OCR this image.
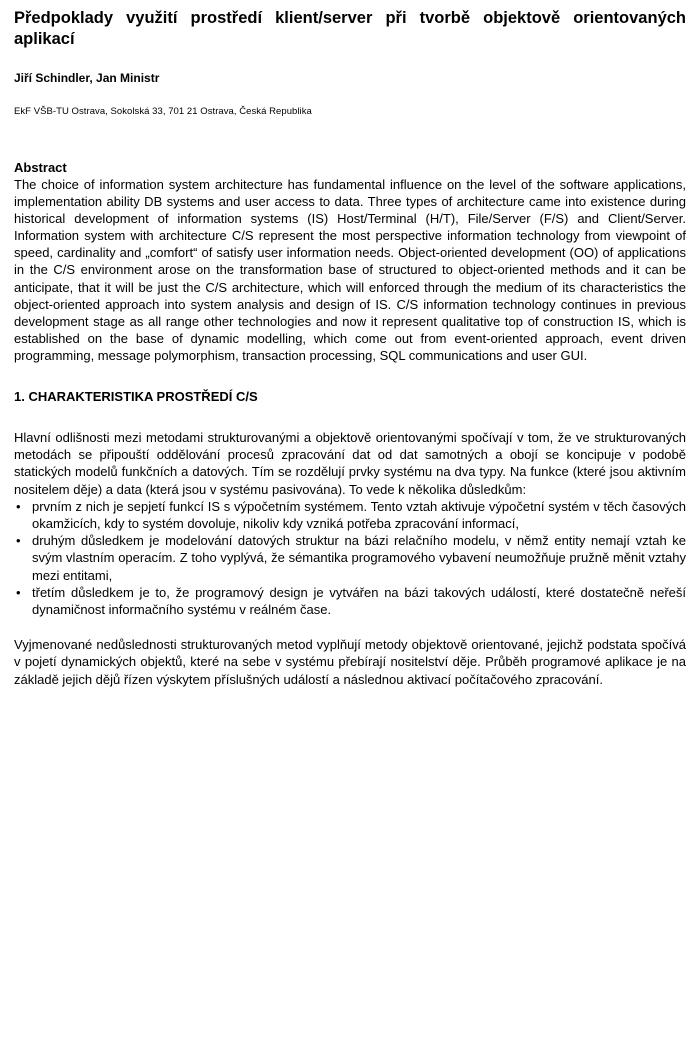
Předpoklady využití prostředí klient/server při tvorbě objektově orientovaných aplikací
Jiří Schindler, Jan Ministr
EkF VŠB-TU Ostrava, Sokolská 33, 701 21 Ostrava, Česká Republika
Abstract

The choice of information system architecture has fundamental influence on the level of the software applications, implementation ability DB systems and user access to data. Three types of architecture came into existence during historical development of information systems (IS) Host/Terminal (H/T), File/Server (F/S) and Client/Server. Information system with architecture C/S represent the most perspective information technology from viewpoint of speed, cardinality and „comfort“ of satisfy user information needs. Object-oriented development (OO) of applications in the C/S environment arose on the transformation base of structured to object-oriented methods and it can be anticipate, that it will be just the C/S architecture, which will enforced through the medium of its characteristics the object-oriented approach into system analysis and design of IS. C/S information technology continues in previous development stage as all range other technologies and now it represent qualitative top of construction IS, which is established on the base of dynamic modelling, which come out from event-oriented approach, event driven programming, message polymorphism, transaction processing, SQL communications and user GUI.

1. CHARAKTERISTIKA PROSTŘEDÍ C/S

Hlavní odlišnosti mezi metodami strukturovanými a objektově orientovanými spočívají v tom, že ve strukturovaných metodách se připouští oddělování procesů zpracování dat od dat samotných a obojí se koncipuje v podobě statických modelů funkčních a datových. Tím se rozdělují prvky systému na dva typy. Na funkce (které jsou aktivním nositelem děje) a data (která jsou v systému pasivována). To vede k několika důsledkům:

• prvním z nich je sepjetí funkcí IS s výpočetním systémem. Tento vztah aktivuje výpočetní systém v těch časových okamžicích, kdy to systém dovoluje, nikoliv kdy vzniká potřeba zpracování informací,
• druhým důsledkem je modelování datových struktur na bázi relačního modelu, v němž entity nemají vztah ke svým vlastním operacím. Z toho vyplývá, že sémantika programového vybavení neumožňuje pružně měnit vztahy mezi entitami,
• třetím důsledkem je to, že programový design je vytvářen na bázi takových událostí, které dostatečně neřeší dynamičnost informačního systému v reálném čase.

Vyjmenované nedůslednosti strukturovaných metod vyplňují metody objektově orientované, jejichž podstata spočívá v pojetí dynamických objektů, které na sebe v systému přebírají nositelství děje. Průběh programové aplikace je na základě jejich dějů řízen výskytem příslušných událostí a následnou aktivací počítačového zpracování.
